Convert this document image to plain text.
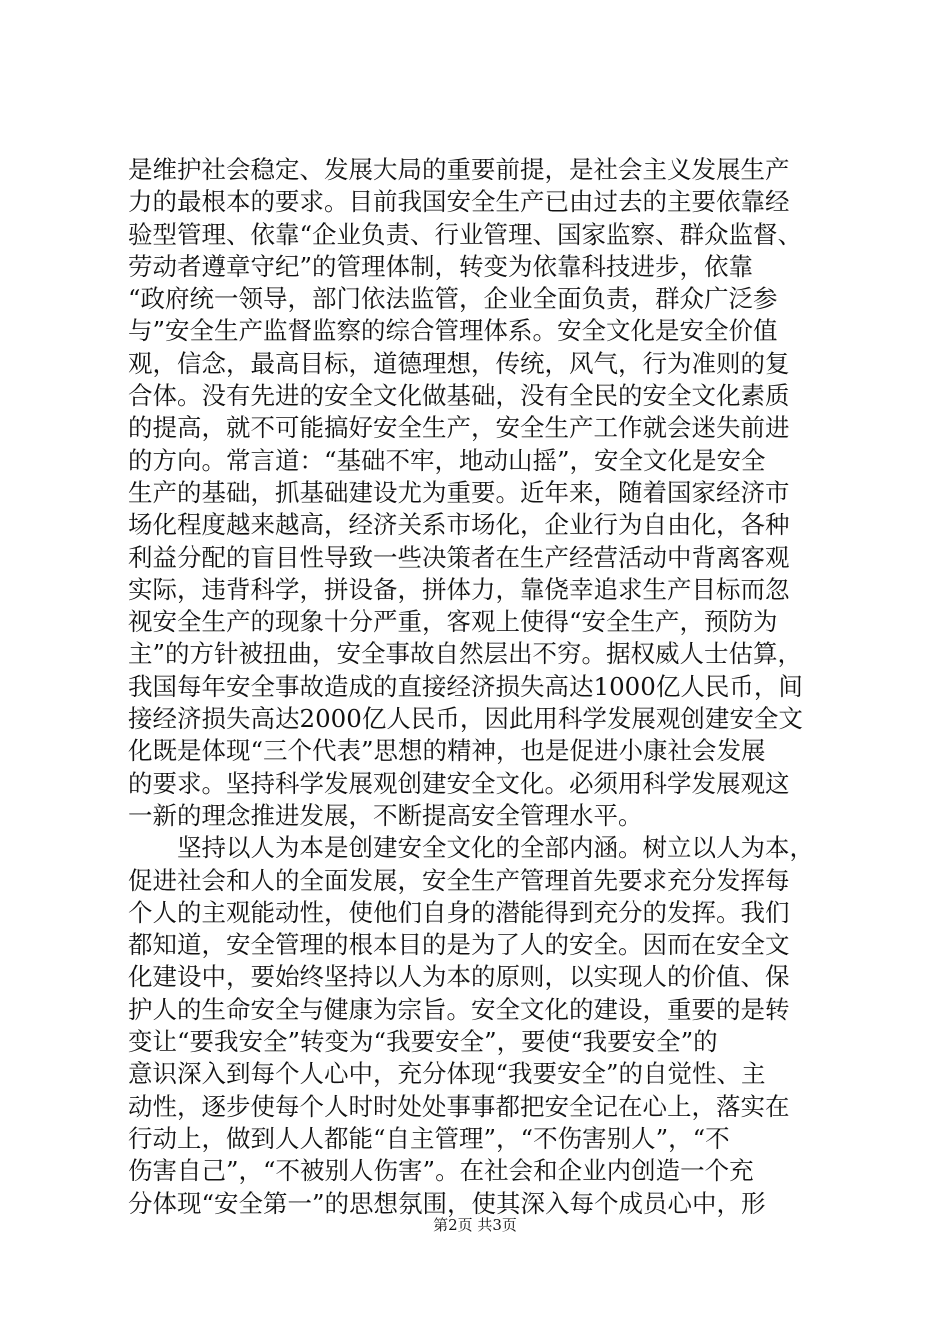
是维护社会稳定、发展大局的重要前提，是社会主义发展生产
力的最根本的要求。目前我国安全生产已由过去的主要依靠经
验型管理、依靠“企业负责、行业管理、国家监察、群众监督、
劳动者遵章守纪”的管理体制，转变为依靠科技进步，依靠
“政府统一领导，部门依法监管，企业全面负责，群众广泛参
与”安全生产监督监察的综合管理体系。安全文化是安全价值
观，信念，最高目标，道德理想，传统，风气，行为准则的复
合体。没有先进的安全文化做基础，没有全民的安全文化素质
的提高，就不可能搞好安全生产，安全生产工作就会迷失前进
的方向。常言道：“基础不牢，地动山摇”，安全文化是安全
生产的基础，抓基础建设尤为重要。近年来，随着国家经济市
场化程度越来越高，经济关系市场化，企业行为自由化，各种
利益分配的盲目性导致一些决策者在生产经营活动中背离客观
实际，违背科学，拼设备，拼体力，靠侥幸追求生产目标而忽
视安全生产的现象十分严重，客观上使得“安全生产，预防为
主”的方针被扭曲，安全事故自然层出不穷。据权威人士估算，
我国每年安全事故造成的直接经济损失高达1000亿人民币，间
接经济损失高达2000亿人民币，因此用科学发展观创建安全文
化既是体现“三个代表”思想的精神，也是促进小康社会发展
的要求。坚持科学发展观创建安全文化。必须用科学发展观这
一新的理念推进发展，不断提高安全管理水平。
　　坚持以人为本是创建安全文化的全部内涵。树立以人为本，
促进社会和人的全面发展，安全生产管理首先要求充分发挥每
个人的主观能动性，使他们自身的潜能得到充分的发挥。我们
都知道，安全管理的根本目的是为了人的安全。因而在安全文
化建设中，要始终坚持以人为本的原则，以实现人的价值、保
护人的生命安全与健康为宗旨。安全文化的建设，重要的是转
变让“要我安全”转变为“我要安全”，要使“我要安全”的
意识深入到每个人心中，充分体现“我要安全”的自觉性、主
动性，逐步使每个人时时处处事事都把安全记在心上，落实在
行动上，做到人人都能“自主管理”，“不伤害别人”，“不
伤害自己”，“不被别人伤害”。在社会和企业内创造一个充
分体现“安全第一”的思想氛围，使其深入每个成员心中，形
第2页 共3页
